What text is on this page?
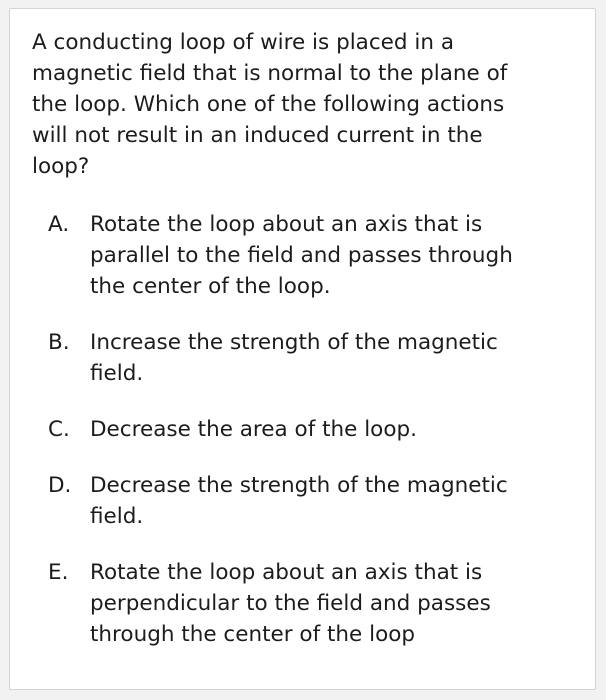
A conducting loop of wire is placed in a
magnetic field that is normal to the plane of
the loop. Which one of the following actions
will not result in an induced current in the
loop?

A. Rotate the loop about an axis that is
parallel to the field and passes through
the center of the loop.
B. Increase the strength of the magnetic
field.
C. Decrease the area of the loop.
D. Decrease the strength of the magnetic
field.
E.	Rotate the loop about an axis that is
perpendicular to the field and passes
through the center of the loop
